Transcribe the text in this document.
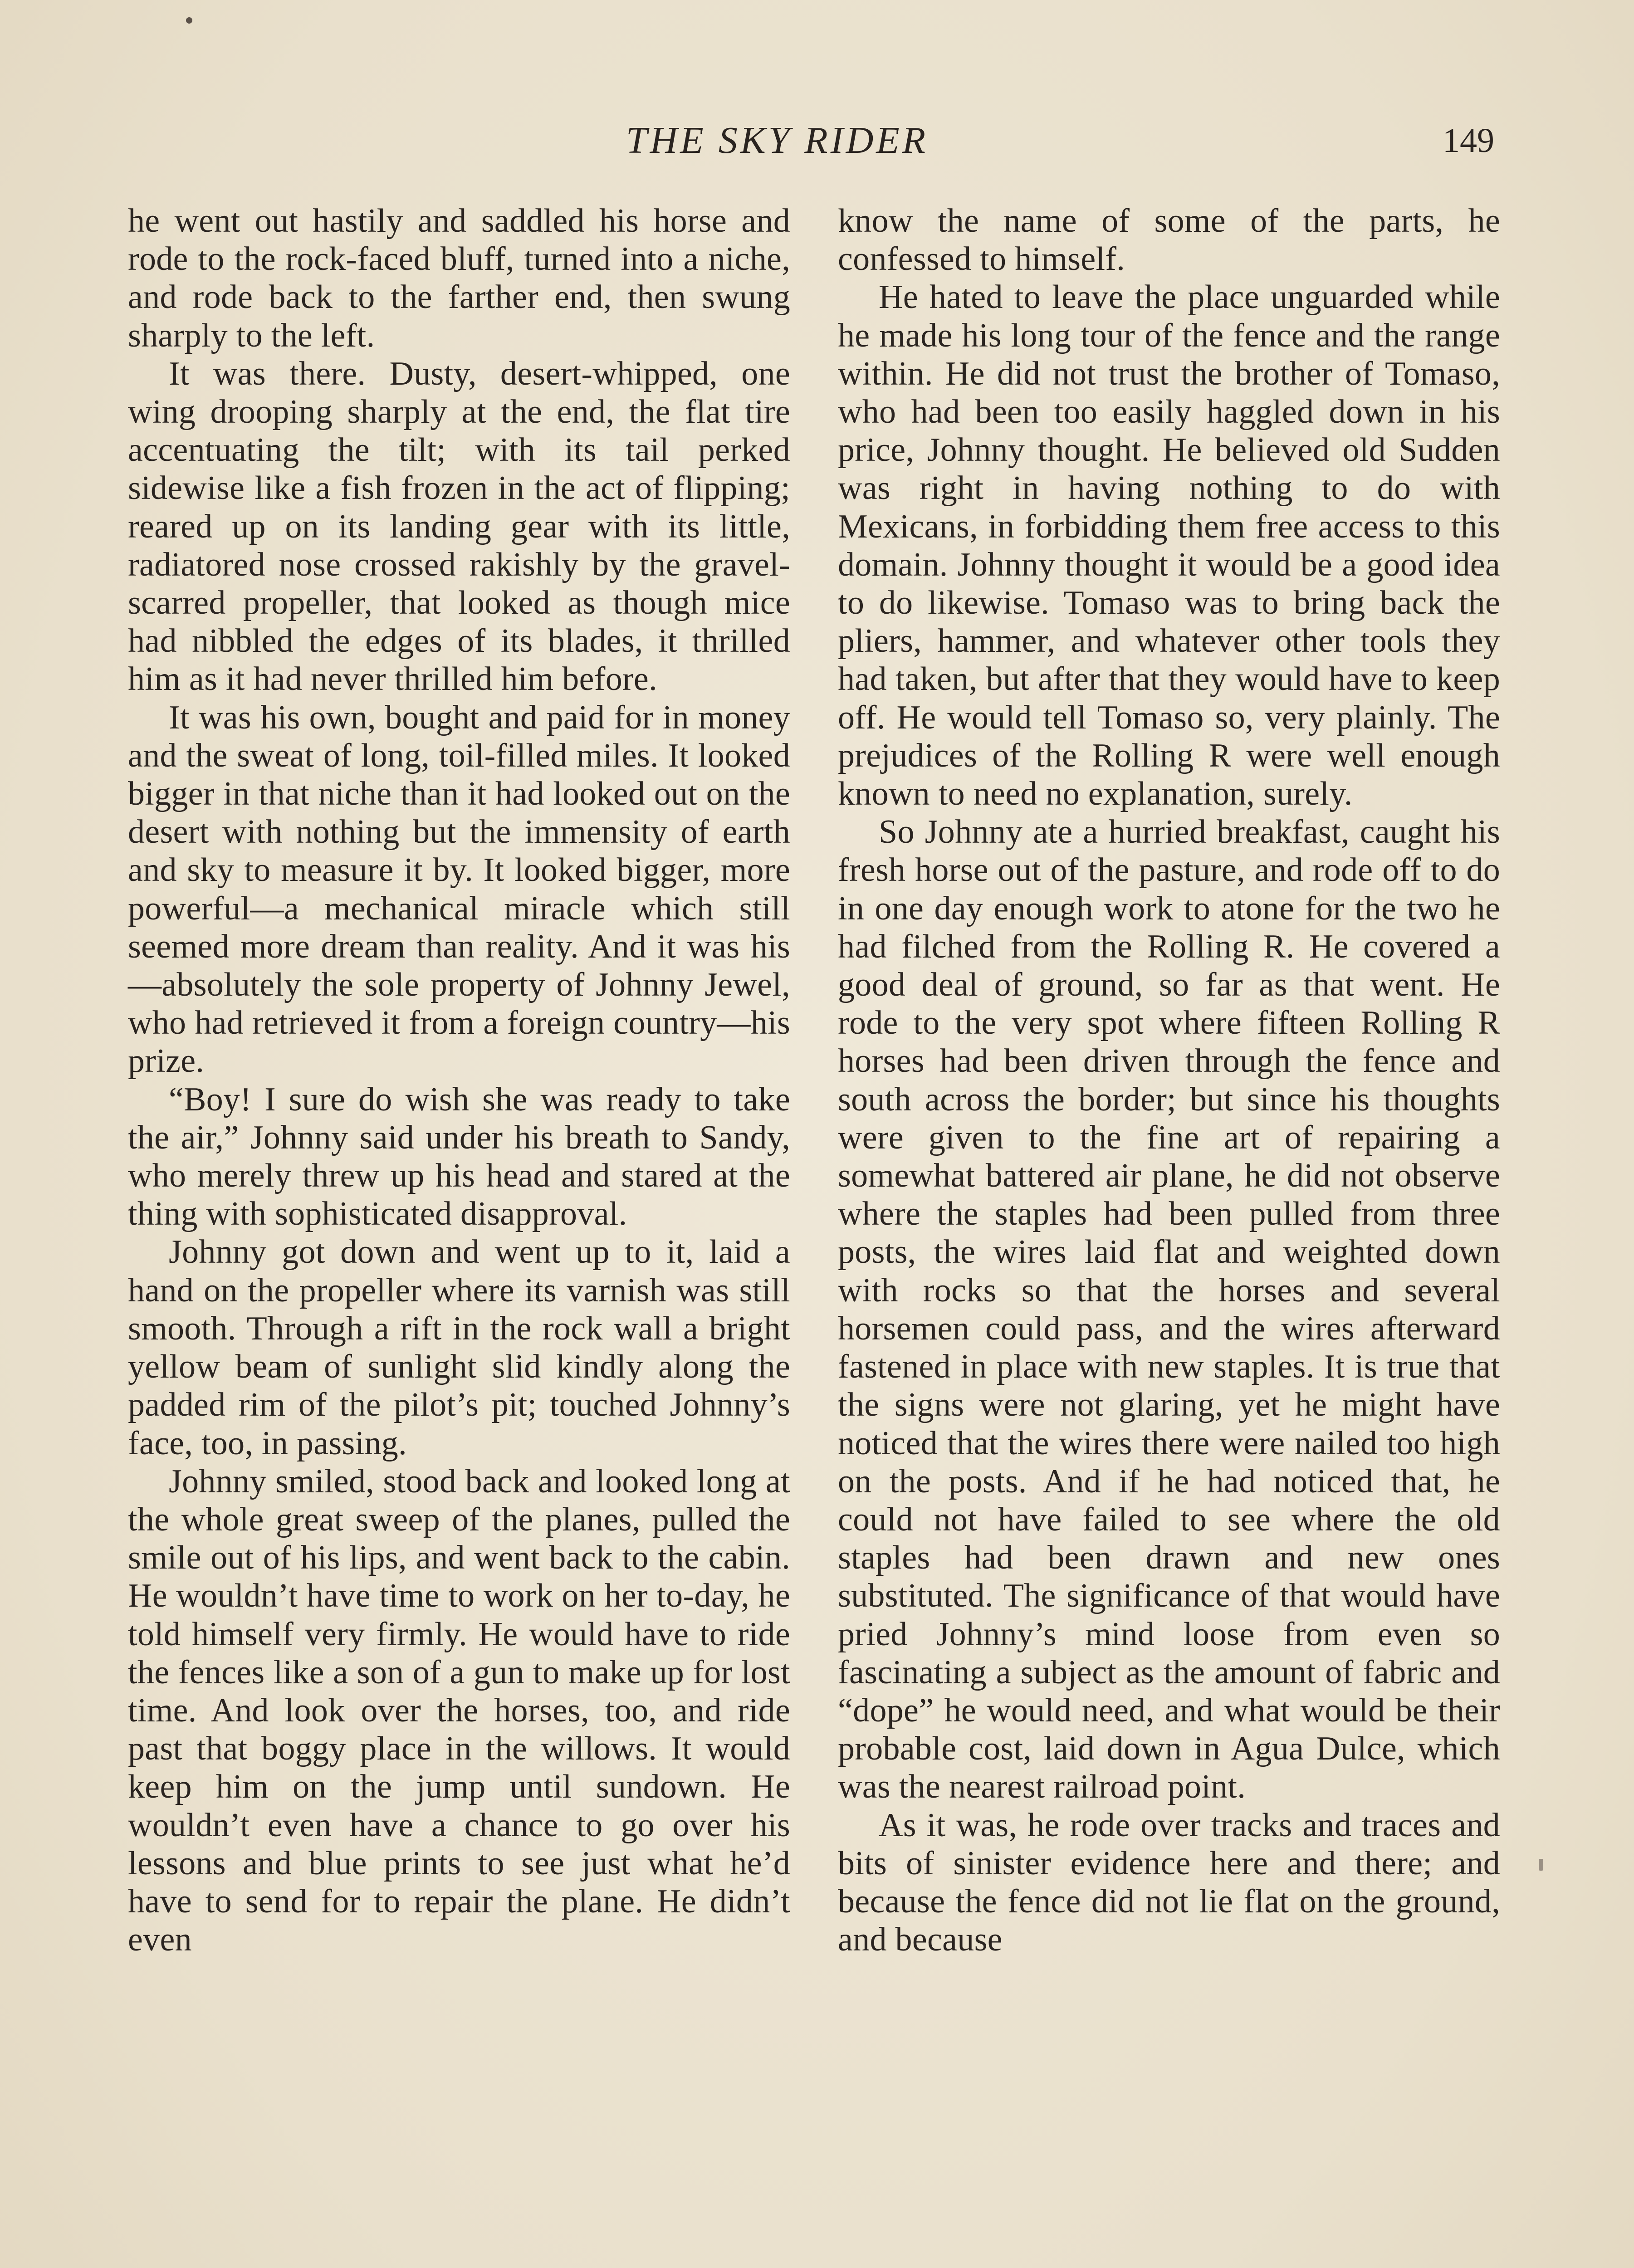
THE SKY RIDER	149

he went out hastily and saddled his horse and rode to the rock-faced bluff, turned into a niche, and rode back to the farther end, then swung sharply to the left.

It was there. Dusty, desert-whipped, one wing drooping sharply at the end, the flat tire accentuating the tilt; with its tail perked sidewise like a fish frozen in the act of flipping; reared up on its landing gear with its little, radiatored nose crossed rakishly by the gravel-scarred propeller, that looked as though mice had nibbled the edges of its blades, it thrilled him as it had never thrilled him before.

It was his own, bought and paid for in money and the sweat of long, toil-filled miles. It looked bigger in that niche than it had looked out on the desert with nothing but the immensity of earth and sky to measure it by. It looked bigger, more powerful—a mechanical miracle which still seemed more dream than reality. And it was his—absolutely the sole property of Johnny Jewel, who had retrieved it from a foreign country—his prize.

“Boy! I sure do wish she was ready to take the air,” Johnny said under his breath to Sandy, who merely threw up his head and stared at the thing with sophisticated disapproval.

Johnny got down and went up to it, laid a hand on the propeller where its varnish was still smooth. Through a rift in the rock wall a bright yellow beam of sunlight slid kindly along the padded rim of the pilot’s pit; touched Johnny’s face, too, in passing.

Johnny smiled, stood back and looked long at the whole great sweep of the planes, pulled the smile out of his lips, and went back to the cabin. He wouldn’t have time to work on her to-day, he told himself very firmly. He would have to ride the fences like a son of a gun to make up for lost time. And look over the horses, too, and ride past that boggy place in the willows. It would keep him on the jump until sundown. He wouldn’t even have a chance to go over his lessons and blue prints to see just what he’d have to send for to repair the plane. He didn’t even

know the name of some of the parts, he confessed to himself.

He hated to leave the place unguarded while he made his long tour of the fence and the range within. He did not trust the brother of Tomaso, who had been too easily haggled down in his price, Johnny thought. He believed old Sudden was right in having nothing to do with Mexicans, in forbidding them free access to this domain. Johnny thought it would be a good idea to do likewise. Tomaso was to bring back the pliers, hammer, and whatever other tools they had taken, but after that they would have to keep off. He would tell Tomaso so, very plainly. The prejudices of the Rolling R were well enough known to need no explanation, surely.

So Johnny ate a hurried breakfast, caught his fresh horse out of the pasture, and rode off to do in one day enough work to atone for the two he had filched from the Rolling R. He covered a good deal of ground, so far as that went. He rode to the very spot where fifteen Rolling R horses had been driven through the fence and south across the border; but since his thoughts were given to the fine art of repairing a somewhat battered air plane, he did not observe where the staples had been pulled from three posts, the wires laid flat and weighted down with rocks so that the horses and several horsemen could pass, and the wires afterward fastened in place with new staples. It is true that the signs were not glaring, yet he might have noticed that the wires there were nailed too high on the posts. And if he had noticed that, he could not have failed to see where the old staples had been drawn and new ones substituted. The significance of that would have pried Johnny’s mind loose from even so fascinating a subject as the amount of fabric and “dope” he would need, and what would be their probable cost, laid down in Agua Dulce, which was the nearest railroad point.

As it was, he rode over tracks and traces and bits of sinister evidence here and there; and because the fence did not lie flat on the ground, and because
